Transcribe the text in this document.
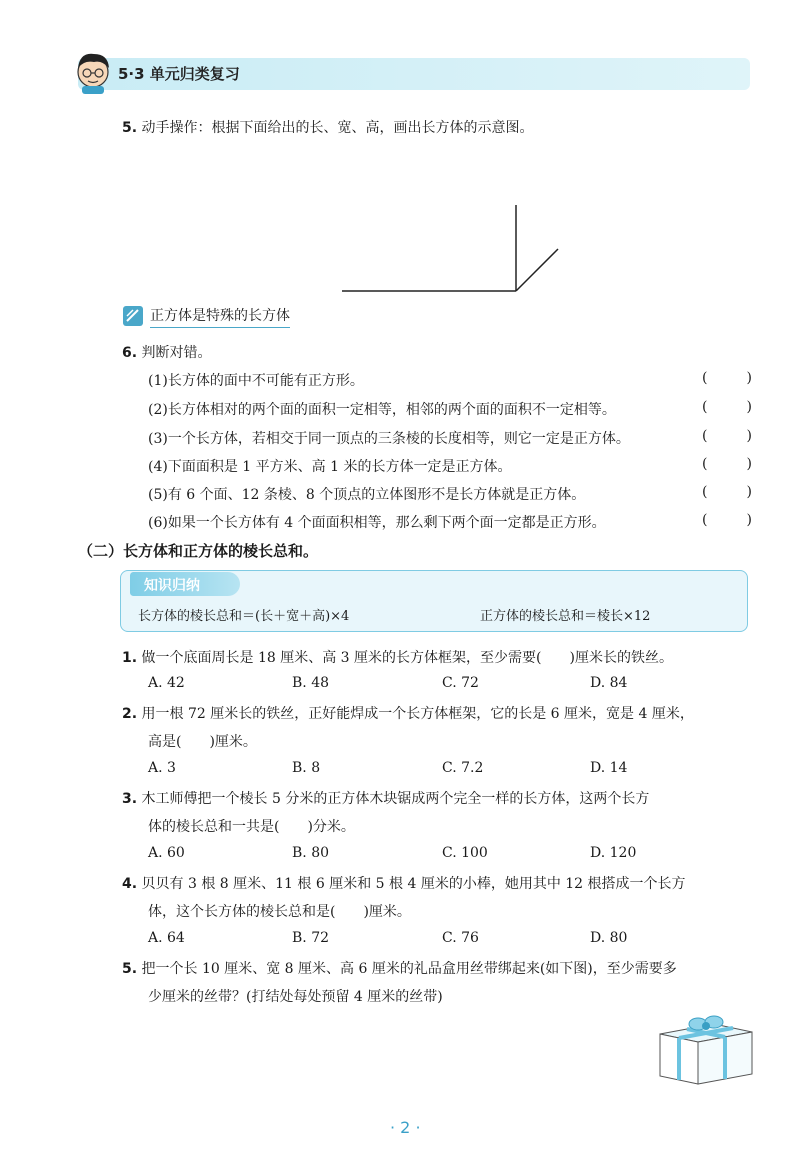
5·3 单元归类复习
5. 动手操作：根据下面给出的长、宽、高，画出长方体的示意图。
正方体是特殊的长方体
6. 判断对错。
(1)长方体的面中不可能有正方形。	(	)
(2)长方体相对的两个面的面积一定相等，相邻的两个面的面积不一定相等。	(	)
(3)一个长方体，若相交于同一顶点的三条棱的长度相等，则它一定是正方体。	(	)
(4)下面面积是 1 平方米、高 1 米的长方体一定是正方体。	(	)
(5)有 6 个面、12 条棱、8 个顶点的立体图形不是长方体就是正方体。	(	)
(6)如果一个长方体有 4 个面面积相等，那么剩下两个面一定都是正方形。	(	)
（二）长方体和正方体的棱长总和。
知识归纳
长方体的棱长总和＝(长＋宽＋高)×4	正方体的棱长总和＝棱长×12
1. 做一个底面周长是 18 厘米、高 3 厘米的长方体框架，至少需要(　　)厘米长的铁丝。
A. 42	B. 48	C. 72	D. 84
2. 用一根 72 厘米长的铁丝，正好能焊成一个长方体框架，它的长是 6 厘米，宽是 4 厘米，
高是(　　)厘米。
A. 3	B. 8	C. 7.2	D. 14
3. 木工师傅把一个棱长 5 分米的正方体木块锯成两个完全一样的长方体，这两个长方
体的棱长总和一共是(　　)分米。
A. 60	B. 80	C. 100	D. 120
4. 贝贝有 3 根 8 厘米、11 根 6 厘米和 5 根 4 厘米的小棒，她用其中 12 根搭成一个长方
体，这个长方体的棱长总和是(　　)厘米。
A. 64	B. 72	C. 76	D. 80
5. 把一个长 10 厘米、宽 8 厘米、高 6 厘米的礼品盒用丝带绑起来(如下图)，至少需要多
少厘米的丝带？(打结处每处预留 4 厘米的丝带)
· 2 ·
